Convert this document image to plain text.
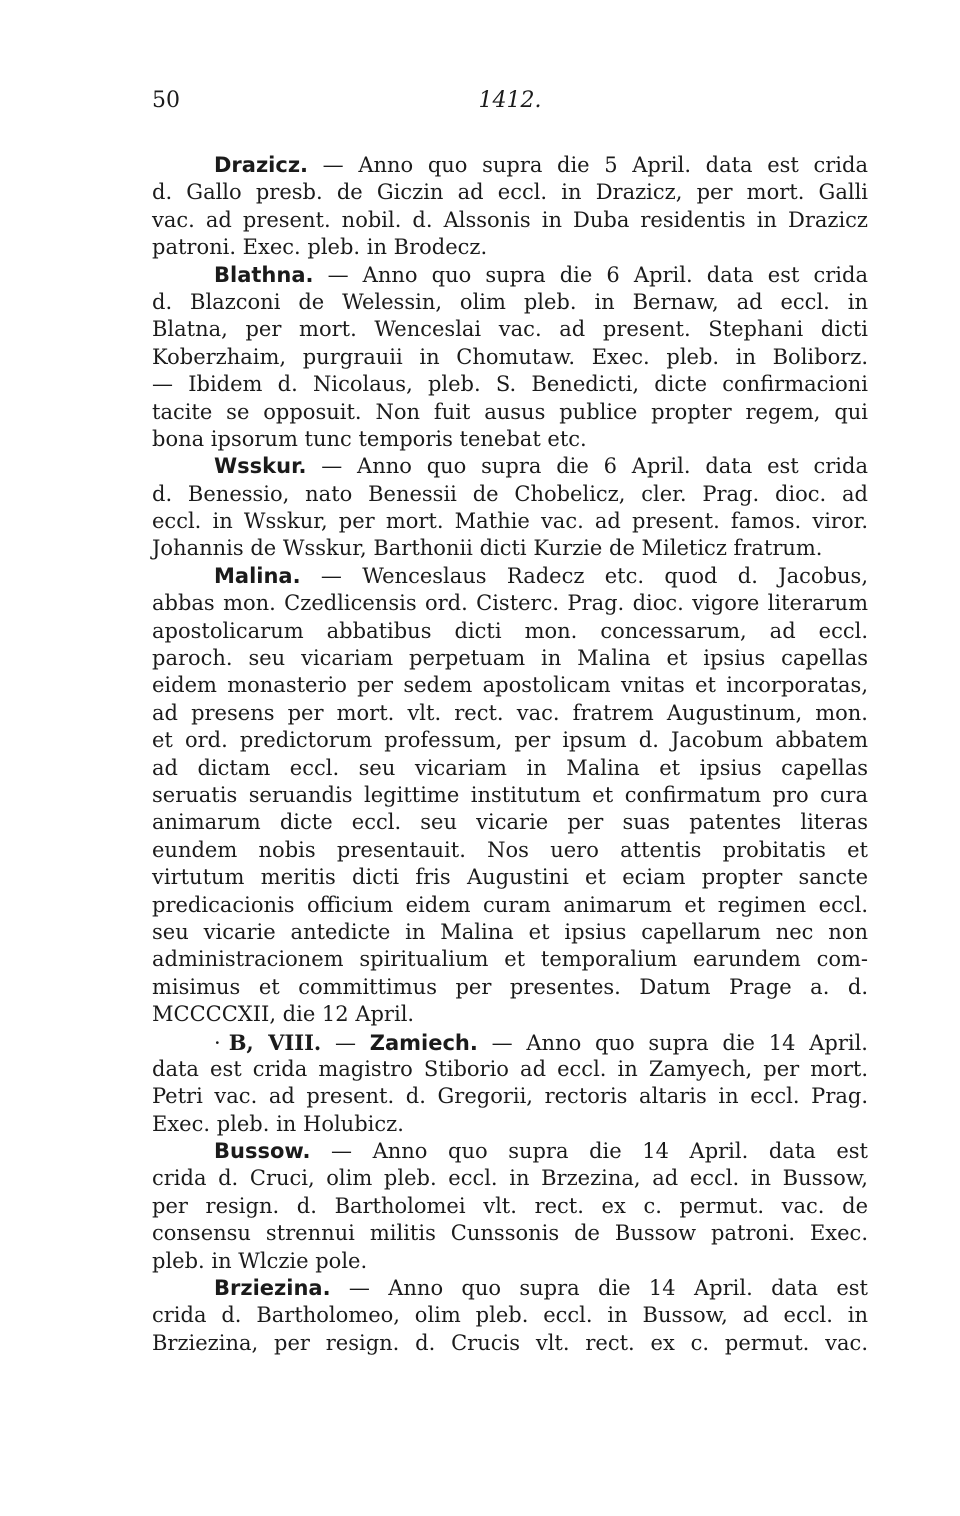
50	1412.
Drazicz. — Anno quo supra die 5 April. data est crida
d. Gallo presb. de Giczin ad eccl. in Drazicz, per mort. Galli
vac. ad present. nobil. d. Alssonis in Duba residentis in Drazicz
patroni. Exec. pleb. in Brodecz.
Blathna. — Anno quo supra die 6 April. data est crida
d. Blazconi de Welessin, olim pleb. in Bernaw, ad eccl. in
Blatna, per mort. Wenceslai vac. ad present. Stephani dicti
Koberzhaim, purgrauii in Chomutaw. Exec. pleb. in Boliborz.
— Ibidem d. Nicolaus, pleb. S. Benedicti, dicte confirmacioni
tacite se opposuit. Non fuit ausus publice propter regem, qui
bona ipsorum tunc temporis tenebat etc.
Wsskur. — Anno quo supra die 6 April. data est crida
d. Benessio, nato Benessii de Chobelicz, cler. Prag. dioc. ad
eccl. in Wsskur, per mort. Mathie vac. ad present. famos. viror.
Johannis de Wsskur, Barthonii dicti Kurzie de Mileticz fratrum.
Malina. — Wenceslaus Radecz etc. quod d. Jacobus,
abbas mon. Czedlicensis ord. Cisterc. Prag. dioc. vigore literarum
apostolicarum abbatibus dicti mon. concessarum, ad eccl.
paroch. seu vicariam perpetuam in Malina et ipsius capellas
eidem monasterio per sedem apostolicam vnitas et incorporatas,
ad presens per mort. vlt. rect. vac. fratrem Augustinum, mon.
et ord. predictorum professum, per ipsum d. Jacobum abbatem
ad dictam eccl. seu vicariam in Malina et ipsius capellas
seruatis seruandis legittime institutum et confirmatum pro cura
animarum dicte eccl. seu vicarie per suas patentes literas
eundem nobis presentauit. Nos uero attentis probitatis et
virtutum meritis dicti fris Augustini et eciam propter sancte
predicacionis officium eidem curam animarum et regimen eccl.
seu vicarie antedicte in Malina et ipsius capellarum nec non
administracionem spiritualium et temporalium earundem com-
misimus et committimus per presentes. Datum Prage a. d.
MCCCCXII, die 12 April.
· B, VIII. — Zamiech. — Anno quo supra die 14 April.
data est crida magistro Stiborio ad eccl. in Zamyech, per mort.
Petri vac. ad present. d. Gregorii, rectoris altaris in eccl. Prag.
Exec. pleb. in Holubicz.
Bussow. — Anno quo supra die 14 April. data est
crida d. Cruci, olim pleb. eccl. in Brzezina, ad eccl. in Bussow,
per resign. d. Bartholomei vlt. rect. ex c. permut. vac. de
consensu strennui militis Cunssonis de Bussow patroni. Exec.
pleb. in Wlczie pole.
Brziezina. — Anno quo supra die 14 April. data est
crida d. Bartholomeo, olim pleb. eccl. in Bussow, ad eccl. in
Brziezina, per resign. d. Crucis vlt. rect. ex c. permut. vac.
